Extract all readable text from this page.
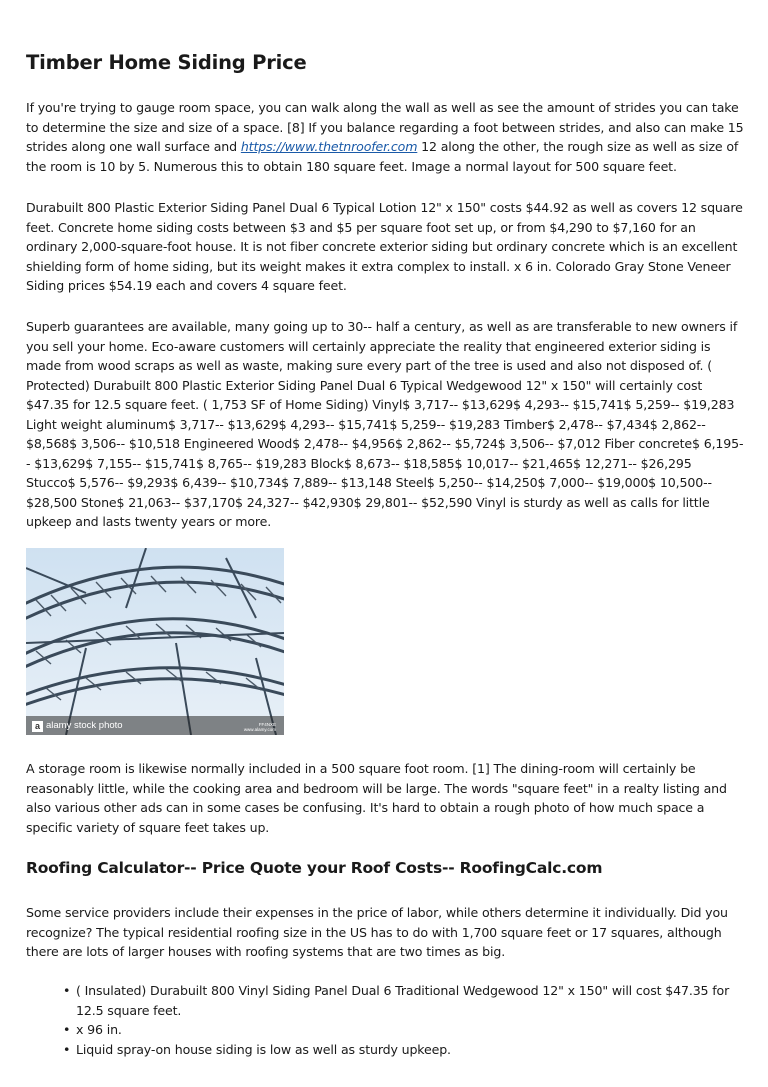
Timber Home Siding Price

If you're trying to gauge room space, you can walk along the wall as well as see the amount of strides you can take to determine the size and size of a space. [8] If you balance regarding a foot between strides, and also can make 15 strides along one wall surface and https://www.thetnroofer.com 12 along the other, the rough size as well as size of the room is 10 by 5. Numerous this to obtain 180 square feet. Image a normal layout for 500 square feet.

Durabuilt 800 Plastic Exterior Siding Panel Dual 6 Typical Lotion 12" x 150" costs $44.92 as well as covers 12 square feet. Concrete home siding costs between $3 and $5 per square foot set up, or from $4,290 to $7,160 for an ordinary 2,000-square-foot house. It is not fiber concrete exterior siding but ordinary concrete which is an excellent shielding form of home siding, but its weight makes it extra complex to install. x 6 in. Colorado Gray Stone Veneer Siding prices $54.19 each and covers 4 square feet.

Superb guarantees are available, many going up to 30-- half a century, as well as are transferable to new owners if you sell your home. Eco-aware customers will certainly appreciate the reality that engineered exterior siding is made from wood scraps as well as waste, making sure every part of the tree is used and also not disposed of. ( Protected) Durabuilt 800 Plastic Exterior Siding Panel Dual 6 Typical Wedgewood 12" x 150" will certainly cost $47.35 for 12.5 square feet. ( 1,753 SF of Home Siding) Vinyl$ 3,717-- $13,629$ 4,293-- $15,741$ 5,259-- $19,283 Light weight aluminum$ 3,717-- $13,629$ 4,293-- $15,741$ 5,259-- $19,283 Timber$ 2,478-- $7,434$ 2,862-- $8,568$ 3,506-- $10,518 Engineered Wood$ 2,478-- $4,956$ 2,862-- $5,724$ 3,506-- $7,012 Fiber concrete$ 6,195-- $13,629$ 7,155-- $15,741$ 8,765-- $19,283 Block$ 8,673-- $18,585$ 10,017-- $21,465$ 12,271-- $26,295 Stucco$ 5,576-- $9,293$ 6,439-- $10,734$ 7,889-- $13,148 Steel$ 5,250-- $14,250$ 7,000-- $19,000$ 10,500-- $28,500 Stone$ 21,063-- $37,170$ 24,327-- $42,930$ 29,801-- $52,590 Vinyl is sturdy as well as calls for little upkeep and lasts twenty years or more.

a alamy stock photo	FF4NXE
www.alamy.com

A storage room is likewise normally included in a 500 square foot room. [1] The dining-room will certainly be reasonably little, while the cooking area and bedroom will be large. The words "square feet" in a realty listing and also various other ads can in some cases be confusing. It's hard to obtain a rough photo of how much space a specific variety of square feet takes up.

Roofing Calculator-- Price Quote your Roof Costs-- RoofingCalc.com

Some service providers include their expenses in the price of labor, while others determine it individually. Did you recognize? The typical residential roofing size in the US has to do with 1,700 square feet or 17 squares, although there are lots of larger houses with roofing systems that are two times as big.

• ( Insulated) Durabuilt 800 Vinyl Siding Panel Dual 6 Traditional Wedgewood 12" x 150" will cost $47.35 for 12.5 square feet.
• x 96 in.
• Liquid spray-on house siding is low as well as sturdy upkeep.
